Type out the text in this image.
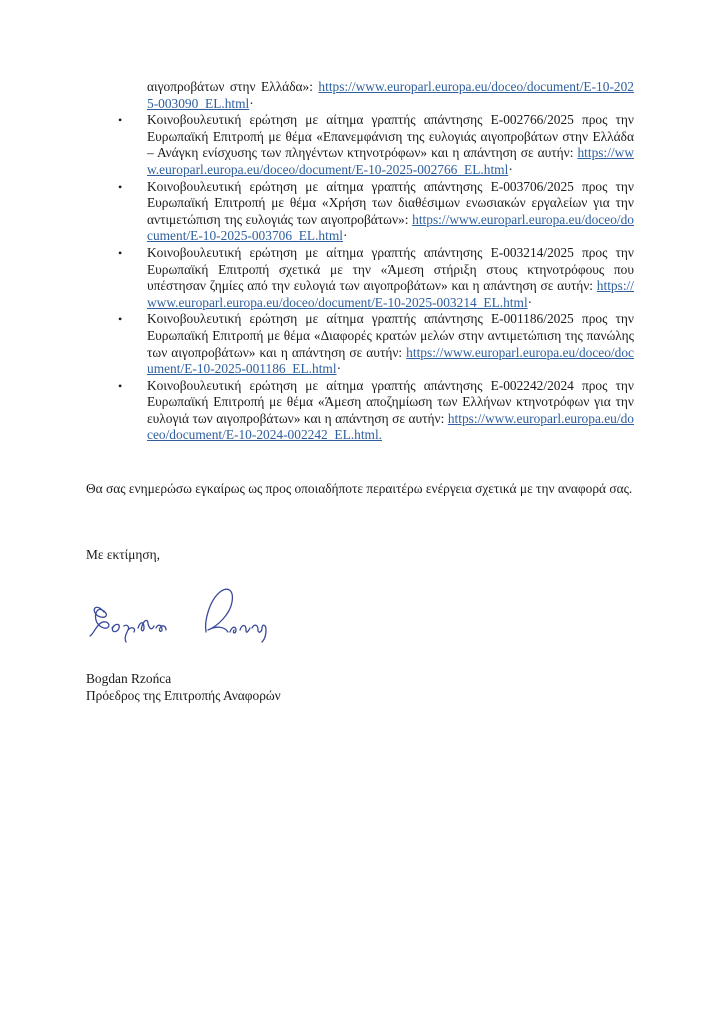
αιγοπροβάτων στην Ελλάδα»: https://www.europarl.europa.eu/doceo/document/E-10-2025-003090_EL.html·
• Κοινοβουλευτική ερώτηση με αίτημα γραπτής απάντησης E-002766/2025 προς την Ευρωπαϊκή Επιτροπή με θέμα «Επανεμφάνιση της ευλογιάς αιγοπροβάτων στην Ελλάδα – Ανάγκη ενίσχυσης των πληγέντων κτηνοτρόφων» και η απάντηση σε αυτήν: https://www.europarl.europa.eu/doceo/document/E-10-2025-002766_EL.html·
• Κοινοβουλευτική ερώτηση με αίτημα γραπτής απάντησης E-003706/2025 προς την Ευρωπαϊκή Επιτροπή με θέμα «Χρήση των διαθέσιμων ενωσιακών εργαλείων για την αντιμετώπιση της ευλογιάς των αιγοπροβάτων»: https://www.europarl.europa.eu/doceo/document/E-10-2025-003706_EL.html·
• Κοινοβουλευτική ερώτηση με αίτημα γραπτής απάντησης E-003214/2025 προς την Ευρωπαϊκή Επιτροπή σχετικά με την «Άμεση στήριξη στους κτηνοτρόφους που υπέστησαν ζημίες από την ευλογιά των αιγοπροβάτων» και η απάντηση σε αυτήν: https://www.europarl.europa.eu/doceo/document/E-10-2025-003214_EL.html·
• Κοινοβουλευτική ερώτηση με αίτημα γραπτής απάντησης E-001186/2025 προς την Ευρωπαϊκή Επιτροπή με θέμα «Διαφορές κρατών μελών στην αντιμετώπιση της πανώλης των αιγοπροβάτων» και η απάντηση σε αυτήν: https://www.europarl.europa.eu/doceo/document/E-10-2025-001186_EL.html·
• Κοινοβουλευτική ερώτηση με αίτημα γραπτής απάντησης E-002242/2024 προς την Ευρωπαϊκή Επιτροπή με θέμα «Άμεση αποζημίωση των Ελλήνων κτηνοτρόφων για την ευλογιά των αιγοπροβάτων» και η απάντηση σε αυτήν: https://www.europarl.europa.eu/doceo/document/E-10-2024-002242_EL.html.

Θα σας ενημερώσω εγκαίρως ως προς οποιαδήποτε περαιτέρω ενέργεια σχετικά με την αναφορά σας.

Με εκτίμηση,

Bogdan Rzońca

Πρόεδρος της Επιτροπής Αναφορών
